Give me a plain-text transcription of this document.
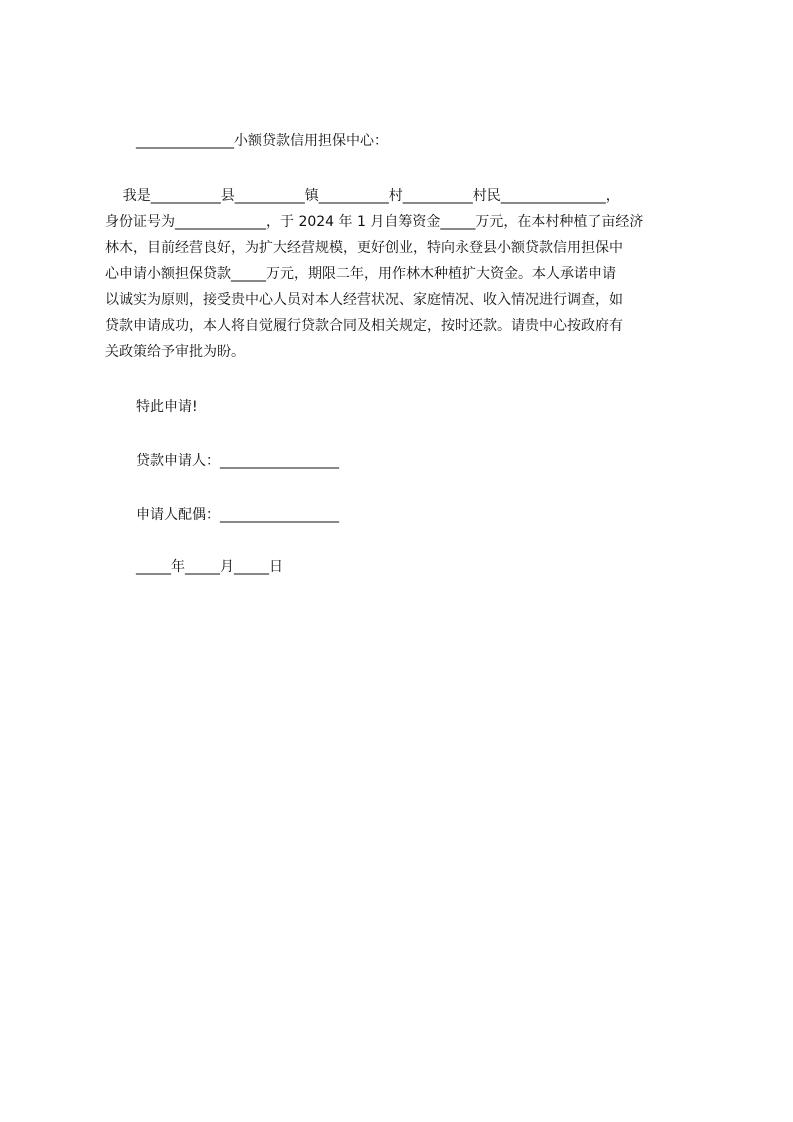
______________小额贷款信用担保中心：
我是__________县__________镇__________村__________村民_______________，
身份证号为_____________，于 2024 年 1 月自筹资金_____万元，在本村种植了亩经济
林木，目前经营良好，为扩大经营规模，更好创业，特向永登县小额贷款信用担保中
心申请小额担保贷款_____万元，期限二年，用作林木种植扩大资金。本人承诺申请
以诚实为原则，接受贵中心人员对本人经营状况、家庭情况、收入情况进行调查，如
贷款申请成功，本人将自觉履行贷款合同及相关规定，按时还款。请贵中心按政府有
关政策给予审批为盼。
特此申请!
贷款申请人：_________________
申请人配偶：_________________
_____年_____月_____日
